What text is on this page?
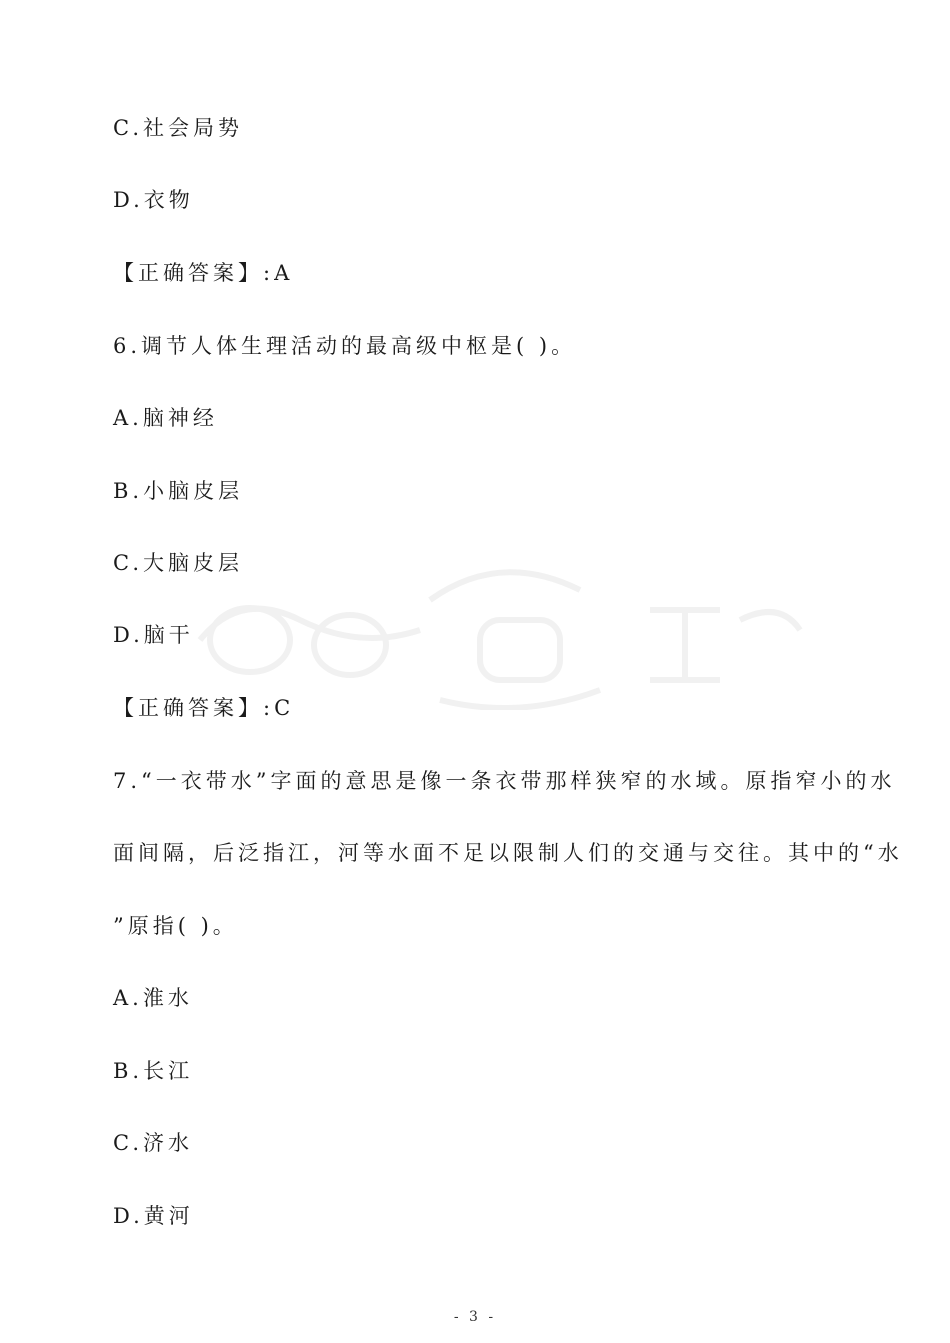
C.社会局势
D.衣物
【正确答案】:A
6.调节人体生理活动的最高级中枢是( )。
A.脑神经
B.小脑皮层
C.大脑皮层
D.脑干
【正确答案】:C
7.“一衣带水”字面的意思是像一条衣带那样狭窄的水域。原指窄小的水
面间隔，后泛指江，河等水面不足以限制人们的交通与交往。其中的“水
”原指( )。
A.淮水
B.长江
C.济水
D.黄河
- 3 -
